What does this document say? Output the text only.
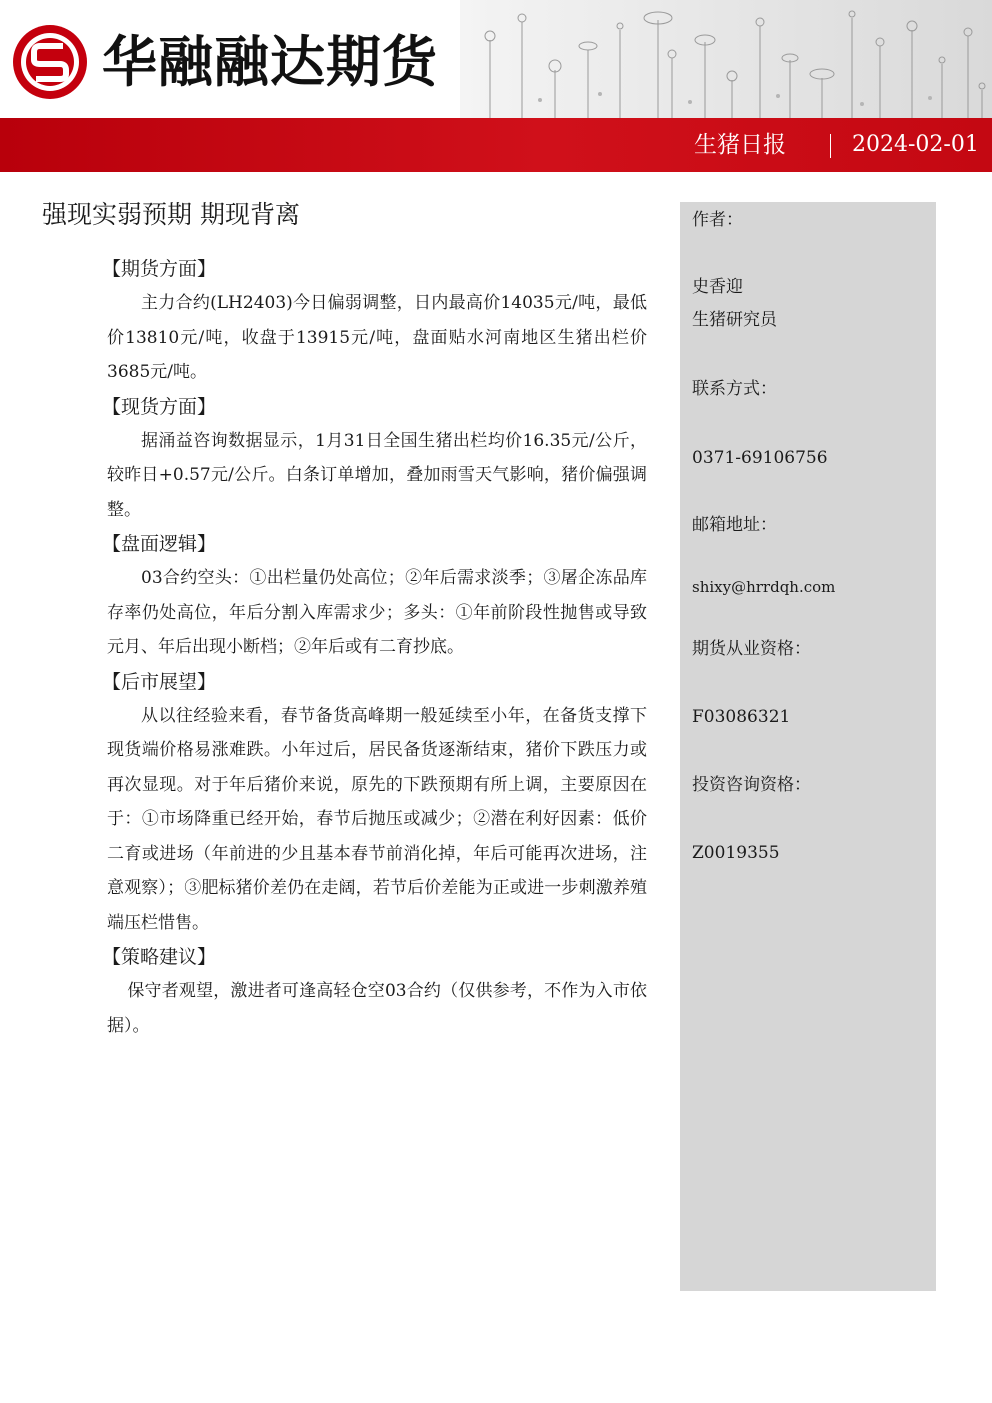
华融融达期货
生猪日报	2024-02-01
强现实弱预期 期现背离
【期货方面】

主力合约(LH2403)今日偏弱调整，日内最高价14035元/吨，最低价13810元/吨，收盘于13915元/吨，盘面贴水河南地区生猪出栏价3685元/吨。

【现货方面】

据涌益咨询数据显示，1月31日全国生猪出栏均价16.35元/公斤，较昨日+0.57元/公斤。白条订单增加，叠加雨雪天气影响，猪价偏强调整。

【盘面逻辑】

03合约空头：①出栏量仍处高位；②年后需求淡季；③屠企冻品库存率仍处高位，年后分割入库需求少；多头：①年前阶段性抛售或导致元月、年后出现小断档；②年后或有二育抄底。

【后市展望】

从以往经验来看，春节备货高峰期一般延续至小年，在备货支撑下现货端价格易涨难跌。小年过后，居民备货逐渐结束，猪价下跌压力或再次显现。对于年后猪价来说，原先的下跌预期有所上调，主要原因在于：①市场降重已经开始，春节后抛压或减少；②潜在利好因素：低价二育或进场（年前进的少且基本春节前消化掉，年后可能再次进场，注意观察）；③肥标猪价差仍在走阔，若节后价差能为正或进一步刺激养殖端压栏惜售。

【策略建议】

保守者观望，激进者可逢高轻仓空03合约（仅供参考，不作为入市依据）。

作者：
史香迎
生猪研究员
联系方式：
0371-69106756
邮箱地址：
shixy@hrrdqh.com
期货从业资格：
F03086321
投资咨询资格：
Z0019355
